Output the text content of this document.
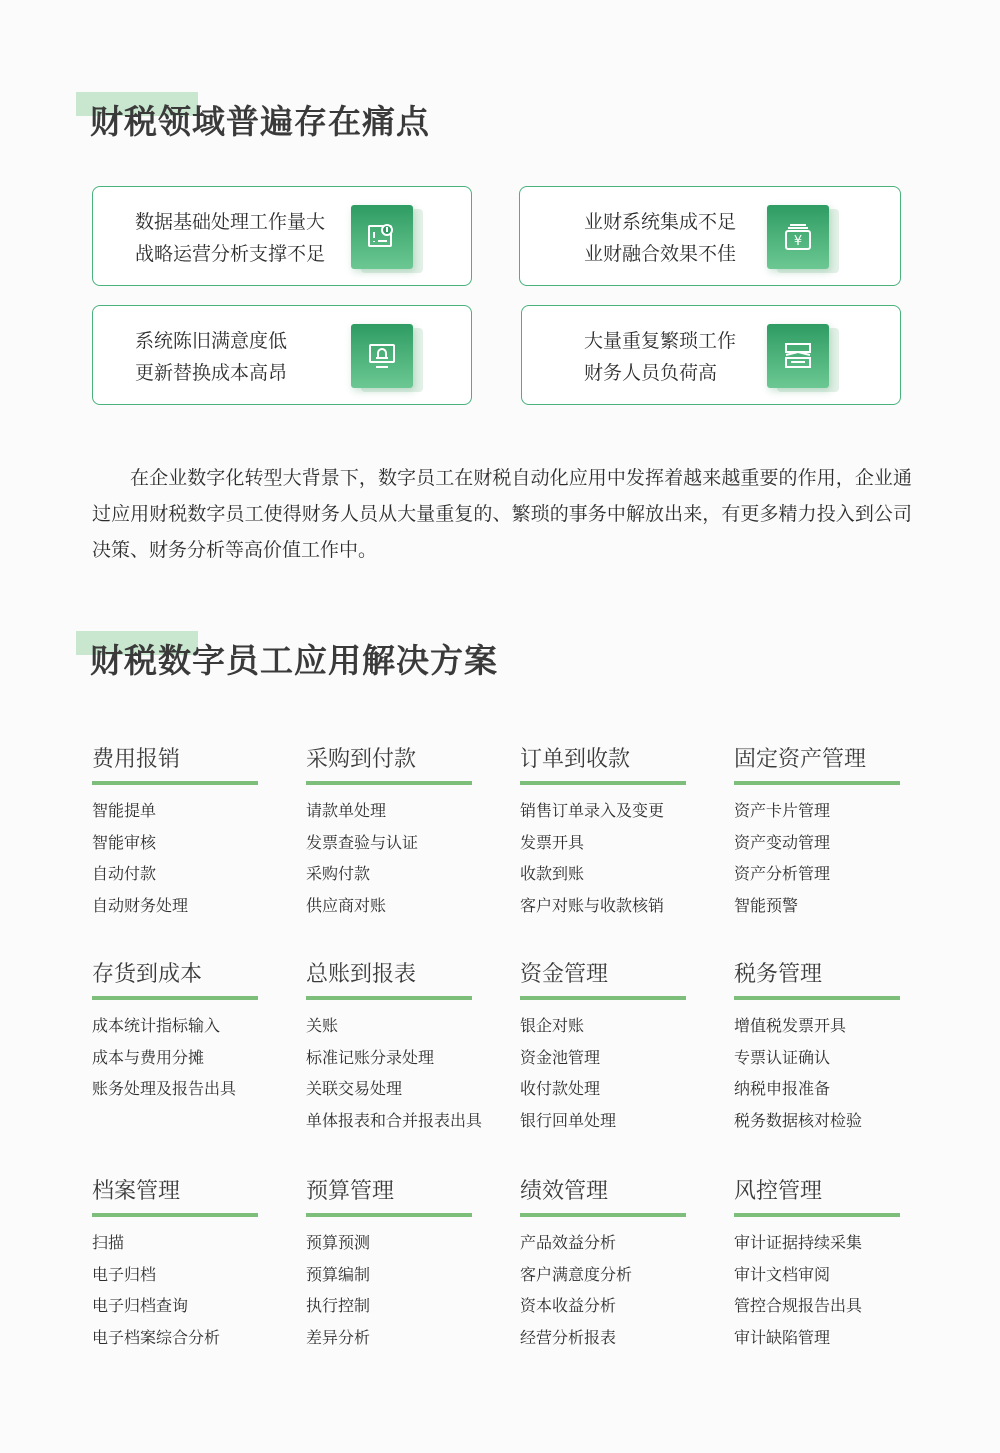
财税领域普遍存在痛点
数据基础处理工作量大
战略运营分析支撑不足
业财系统集成不足
业财融合效果不佳
¥
系统陈旧满意度低
更新替换成本高昂
大量重复繁琐工作
财务人员负荷高
在企业数字化转型大背景下，数字员工在财税自动化应用中发挥着越来越重要的作用，企业通过应用财税数字员工使得财务人员从大量重复的、繁琐的事务中解放出来，有更多精力投入到公司决策、财务分析等高价值工作中。
财税数字员工应用解决方案
费用报销
智能提单
智能审核
自动付款
自动财务处理
采购到付款
请款单处理
发票查验与认证
采购付款
供应商对账
订单到收款
销售订单录入及变更
发票开具
收款到账
客户对账与收款核销
固定资产管理
资产卡片管理
资产变动管理
资产分析管理
智能预警
存货到成本
成本统计指标输入
成本与费用分摊
账务处理及报告出具
总账到报表
关账
标准记账分录处理
关联交易处理
单体报表和合并报表出具
资金管理
银企对账
资金池管理
收付款处理
银行回单处理
税务管理
增值税发票开具
专票认证确认
纳税申报准备
税务数据核对检验
档案管理
扫描
电子归档
电子归档查询
电子档案综合分析
预算管理
预算预测
预算编制
执行控制
差异分析
绩效管理
产品效益分析
客户满意度分析
资本收益分析
经营分析报表
风控管理
审计证据持续采集
审计文档审阅
管控合规报告出具
审计缺陷管理
